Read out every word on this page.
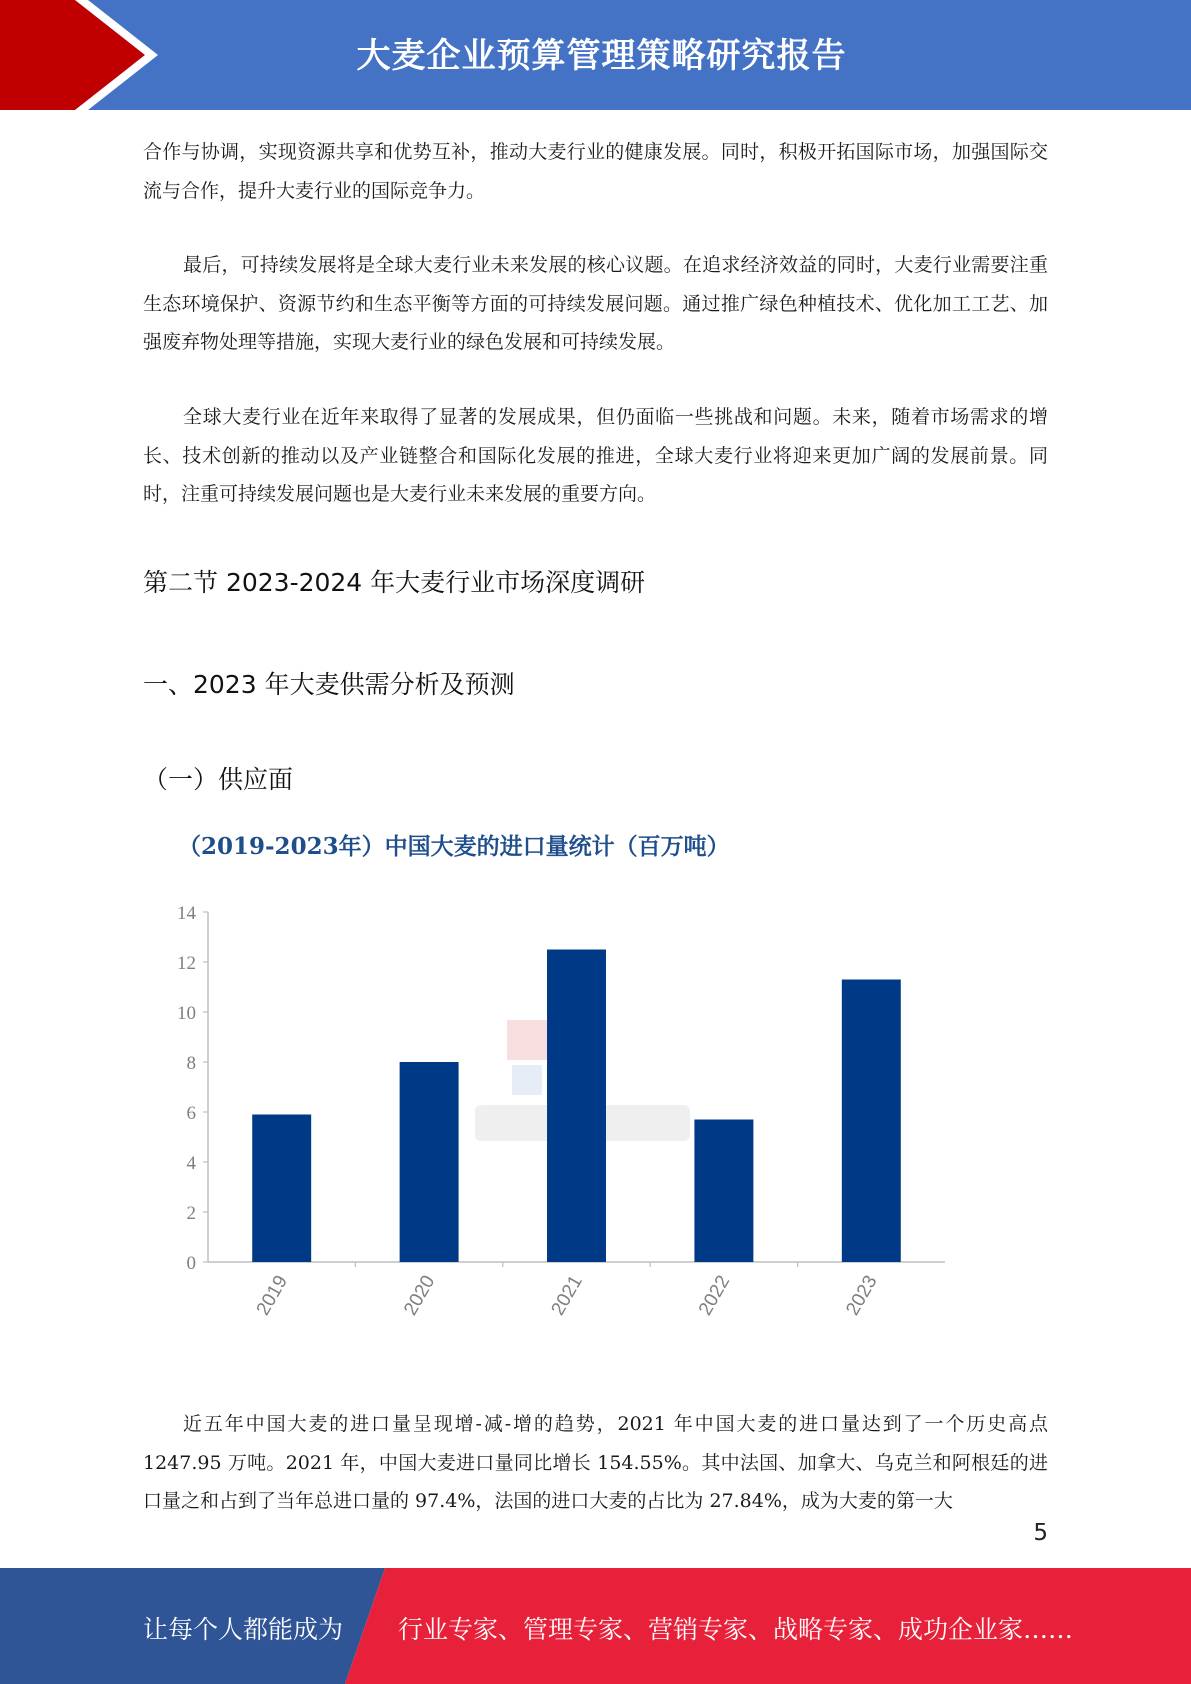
大麦企业预算管理策略研究报告

合作与协调，实现资源共享和优势互补，推动大麦行业的健康发展。同时，积极开拓国际市场，加强国际交流与合作，提升大麦行业的国际竞争力。

最后，可持续发展将是全球大麦行业未来发展的核心议题。在追求经济效益的同时，大麦行业需要注重生态环境保护、资源节约和生态平衡等方面的可持续发展问题。通过推广绿色种植技术、优化加工工艺、加强废弃物处理等措施，实现大麦行业的绿色发展和可持续发展。

全球大麦行业在近年来取得了显著的发展成果，但仍面临一些挑战和问题。未来，随着市场需求的增长、技术创新的推动以及产业链整合和国际化发展的推进，全球大麦行业将迎来更加广阔的发展前景。同时，注重可持续发展问题也是大麦行业未来发展的重要方向。

第二节 2023-2024 年大麦行业市场深度调研
一、2023 年大麦供需分析及预测
（一）供应面
（2019-2023年）中国大麦的进口量统计（百万吨）
0
2
4
6
8
10
12
14
2019	2020	2021	2022	2023

近五年中国大麦的进口量呈现增-减-增的趋势，2021 年中国大麦的进口量达到了一个历史高点1247.95 万吨。2021 年，中国大麦进口量同比增长 154.55%。其中法国、加拿大、乌克兰和阿根廷的进口量之和占到了当年总进口量的 97.4%，法国的进口大麦的占比为 27.84%，成为大麦的第一大

5
让每个人都能成为 行业专家、管理专家、营销专家、战略专家、成功企业家……
